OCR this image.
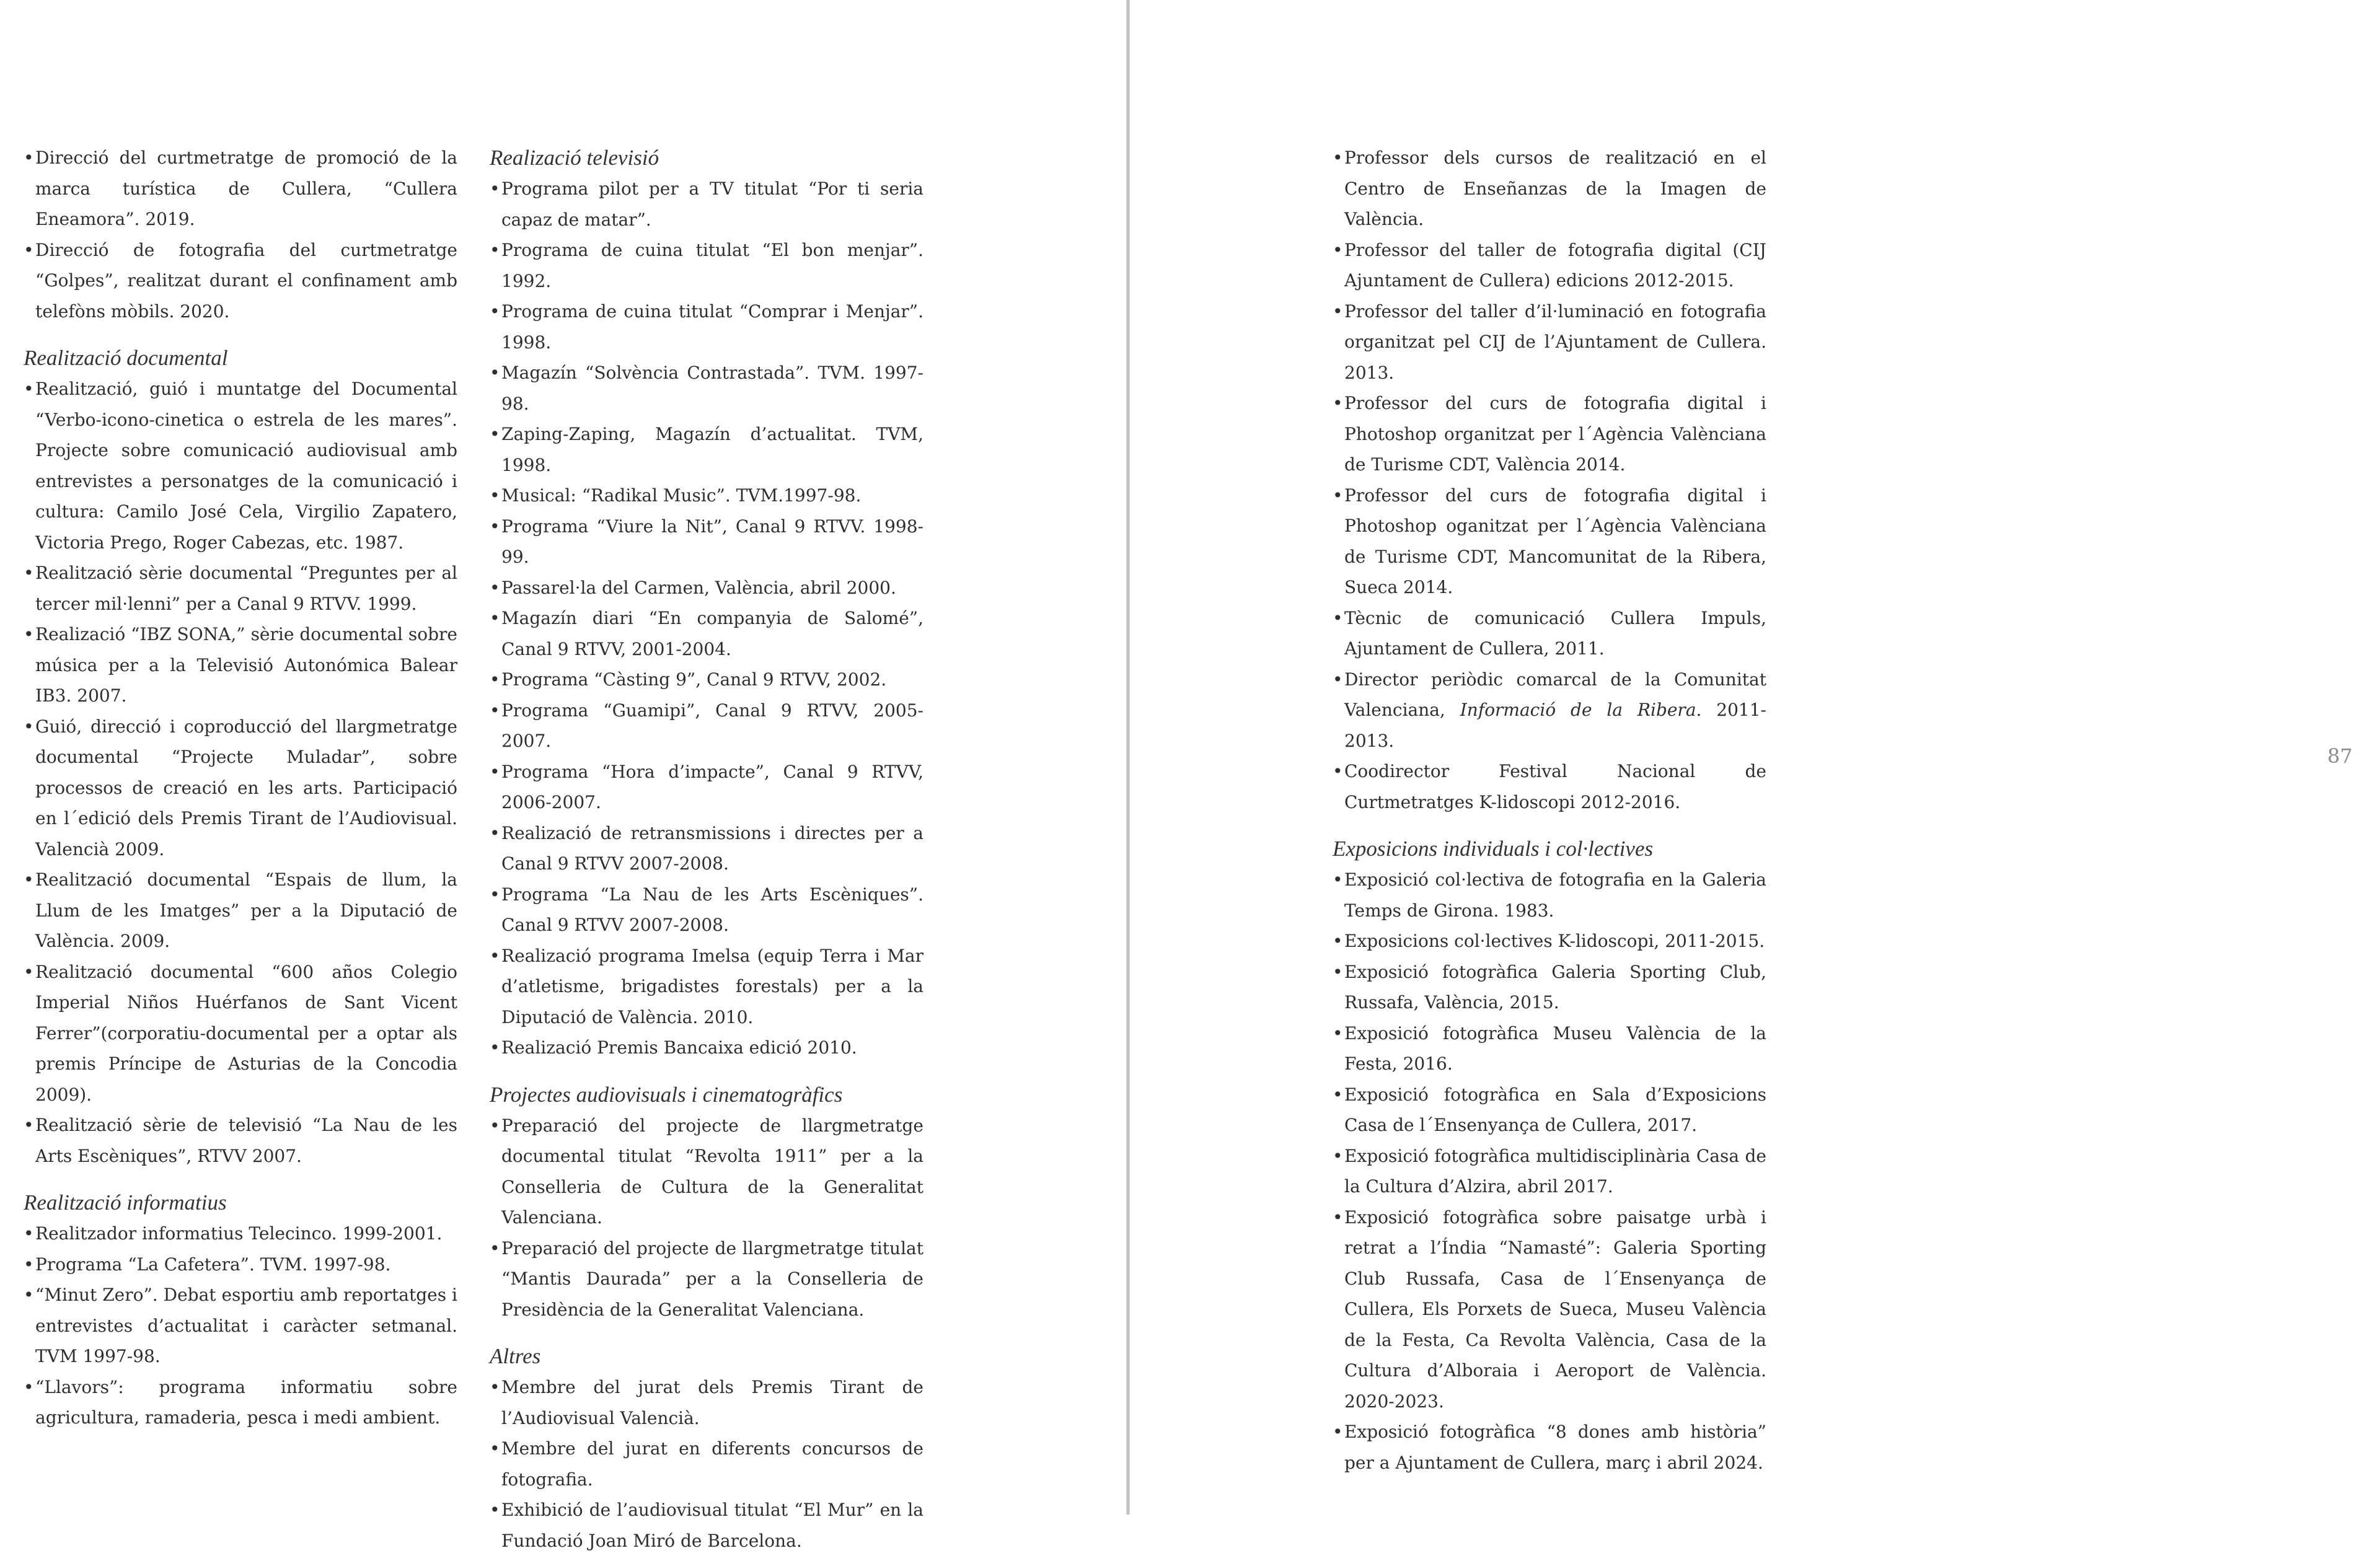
• Direcció del curtmetratge de promoció de la marca turística de Cullera, “Cullera Eneamora”. 2019.
• Direcció de fotografia del curtmetratge “Golpes”, realitzat durant el confinament amb telefòns mòbils. 2020.
Realització documental
• Realització, guió i muntatge del Documental “Verbo-icono-cinetica o estrela de les mares”. Projecte sobre comunicació audiovisual amb entrevistes a personatges de la comunicació i cultura: Camilo José Cela, Virgilio Zapatero, Victoria Prego, Roger Cabezas, etc. 1987.
• Realització sèrie documental “Preguntes per al tercer mil·lenni” per a Canal 9 RTVV. 1999.
• Realizació “IBZ SONA,” sèrie documental sobre música per a la Televisió Autonómica Balear IB3. 2007.
• Guió, direcció i coproducció del llargmetratge documental “Projecte Muladar”, sobre processos de creació en les arts. Participació en l´edició dels Premis Tirant de l’Audiovisual. Valencià 2009.
• Realització documental “Espais de llum, la Llum de les Imatges” per a la Diputació de València. 2009.
• Realització documental “600 años Colegio Imperial Niños Huérfanos de Sant Vicent Ferrer”(corporatiu-documental per a optar als premis Príncipe de Asturias de la Concodia 2009).
• Realització sèrie de televisió “La Nau de les Arts Escèniques”, RTVV 2007.
Realització informatius
• Realitzador informatius Telecinco. 1999-2001.
• Programa “La Cafetera”. TVM. 1997-98.
• “Minut Zero”. Debat esportiu amb reportatges i entrevistes d’actualitat i caràcter setmanal. TVM 1997-98.
• “Llavors”: programa informatiu sobre agricultura, ramaderia, pesca i medi ambient.
Realizació televisió
• Programa pilot per a TV titulat “Por ti seria capaz de matar”.
• Programa de cuina titulat “El bon menjar”. 1992.
• Programa de cuina titulat “Comprar i Menjar”. 1998.
• Magazín “Solvència Contrastada”. TVM. 1997-98.
• Zaping-Zaping, Magazín d’actualitat. TVM, 1998.
• Musical: “Radikal Music”. TVM.1997-98.
• Programa “Viure la Nit”, Canal 9 RTVV. 1998-99.
• Passarel·la del Carmen, València, abril 2000.
• Magazín diari “En companyia de Salomé”, Canal 9 RTVV, 2001-2004.
• Programa “Càsting 9”, Canal 9 RTVV, 2002.
• Programa “Guamipi”, Canal 9 RTVV, 2005-2007.
• Programa “Hora d’impacte”, Canal 9 RTVV, 2006-2007.
• Realizació de retransmissions i directes per a Canal 9 RTVV 2007-2008.
• Programa “La Nau de les Arts Escèniques”. Canal 9 RTVV 2007-2008.
• Realizació programa Imelsa (equip Terra i Mar d’atletisme, brigadistes forestals) per a la Diputació de València. 2010.
• Realizació Premis Bancaixa edició 2010.
Projectes audiovisuals i cinematogràfics
• Preparació del projecte de llargmetratge documental titulat “Revolta 1911” per a la Conselleria de Cultura de la Generalitat Valenciana.
• Preparació del projecte de llargmetratge titulat “Mantis Daurada” per a la Conselleria de Presidència de la Generalitat Valenciana.
Altres
• Membre del jurat dels Premis Tirant de l’Audiovisual Valencià.
• Membre del jurat en diferents concursos de fotografia.
• Exhibició de l’audiovisual titulat “El Mur” en la Fundació Joan Miró de Barcelona.
• Professor dels cursos de realització en el Centro de Enseñanzas de la Imagen de València.
• Professor del taller de fotografia digital (CIJ Ajuntament de Cullera) edicions 2012-2015.
• Professor del taller d’il·luminació en fotografia organitzat pel CIJ de l’Ajuntament de Cullera. 2013.
• Professor del curs de fotografia digital i Photoshop organitzat per l´Agència Valènciana de Turisme CDT, València 2014.
• Professor del curs de fotografia digital i Photoshop oganitzat per l´Agència Valènciana de Turisme CDT, Mancomunitat de la Ribera, Sueca 2014.
• Tècnic de comunicació Cullera Impuls, Ajuntament de Cullera, 2011.
• Director periòdic comarcal de la Comunitat Valenciana, Informació de la Ribera. 2011-2013.
• Coodirector Festival Nacional de Curtmetratges K-lidoscopi 2012-2016.
Exposicions individuals i col·lectives
• Exposició col·lectiva de fotografia en la Galeria Temps de Girona. 1983.
• Exposicions col·lectives K-lidoscopi, 2011-2015.
• Exposició fotogràfica Galeria Sporting Club, Russafa, València, 2015.
• Exposició fotogràfica Museu València de la Festa, 2016.
• Exposició fotogràfica en Sala d’Exposicions Casa de l´Ensenyança de Cullera, 2017.
• Exposició fotogràfica multidisciplinària Casa de la Cultura d’Alzira, abril 2017.
• Exposició fotogràfica sobre paisatge urbà i retrat a l’Índia “Namasté”: Galeria Sporting Club Russafa, Casa de l´Ensenyança de Cullera, Els Porxets de Sueca, Museu València de la Festa, Ca Revolta València, Casa de la Cultura d’Alboraia i Aeroport de València. 2020-2023.
• Exposició fotogràfica “8 dones amb història” per a Ajuntament de Cullera, març i abril 2024.
87
